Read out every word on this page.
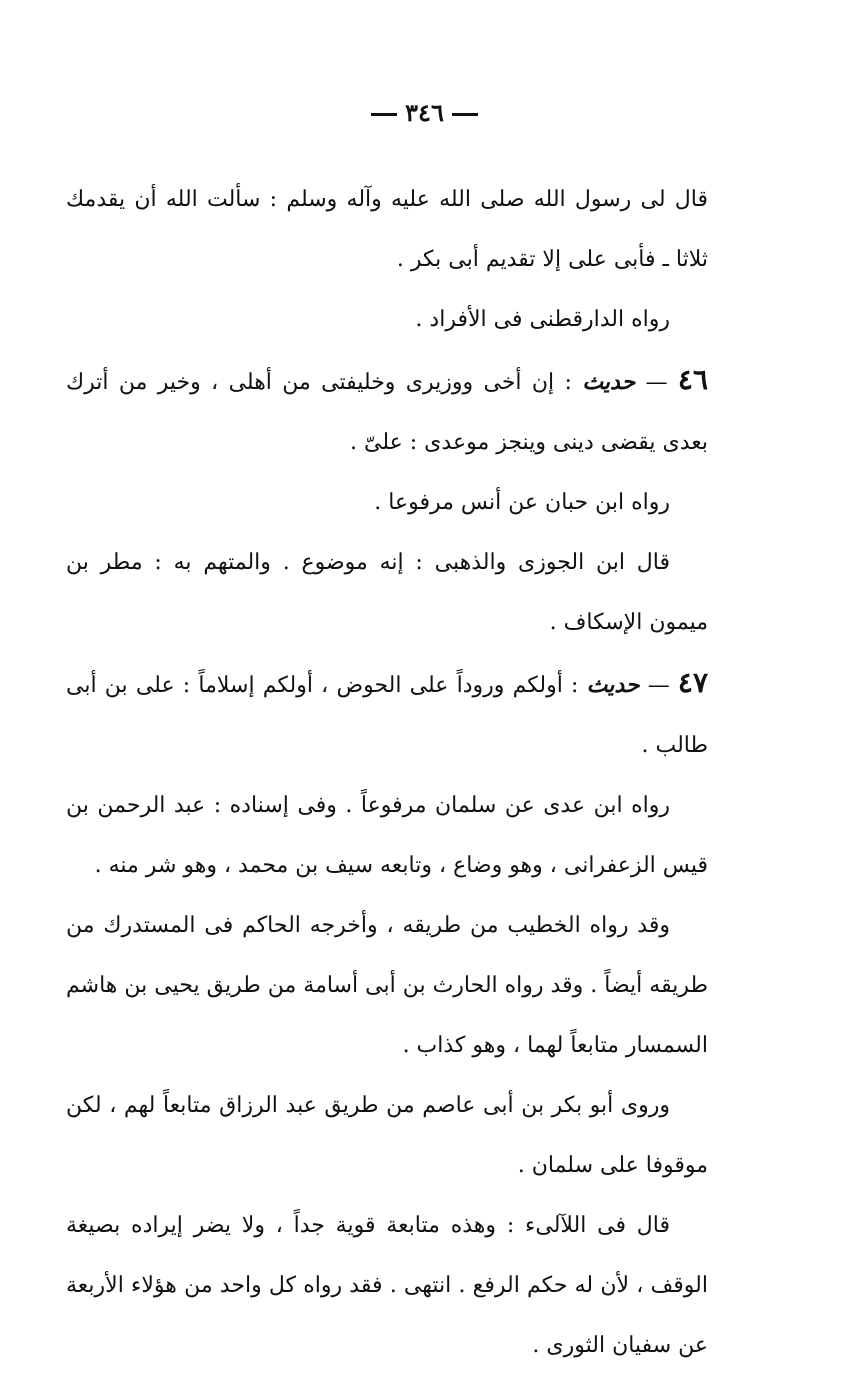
٣٤٦

قال لى رسول الله صلى الله عليه وآله وسلم : سألت الله أن يقدمك ثلاثا ـ فأبى على إلا تقديم أبى بكر .

رواه الدارقطنى فى الأفراد .

٤٦ — حديث : إن أخى ووزيرى وخليفتى من أهلى ، وخير من أترك بعدى يقضى دينى وينجز موعدى : علىّ .

رواه ابن حبان عن أنس مرفوعا .

قال ابن الجوزى والذهبى : إنه موضوع . والمتهم به : مطر بن ميمون الإسكاف .

٤٧ — حديث : أولكم وروداً على الحوض ، أولكم إسلاماً : على بن أبى طالب .

رواه ابن عدى عن سلمان مرفوعاً . وفى إسناده : عبد الرحمن بن قيس الزعفرانى ، وهو وضاع ، وتابعه سيف بن محمد ، وهو شر منه .

وقد رواه الخطيب من طريقه ، وأخرجه الحاكم فى المستدرك من طريقه أيضاً . وقد رواه الحارث بن أبى أسامة من طريق يحيى بن هاشم السمسار متابعاً لهما ، وهو كذاب .

وروى أبو بكر بن أبى عاصم من طريق عبد الرزاق متابعاً لهم ، لكن موقوفا على سلمان .

قال فى اللآلىء : وهذه متابعة قوية جداً ، ولا يضر إيراده بصيغة الوقف ، لأن له حكم الرفع . انتهى . فقد رواه كل واحد من هؤلاء الأربعة عن سفيان الثورى .
